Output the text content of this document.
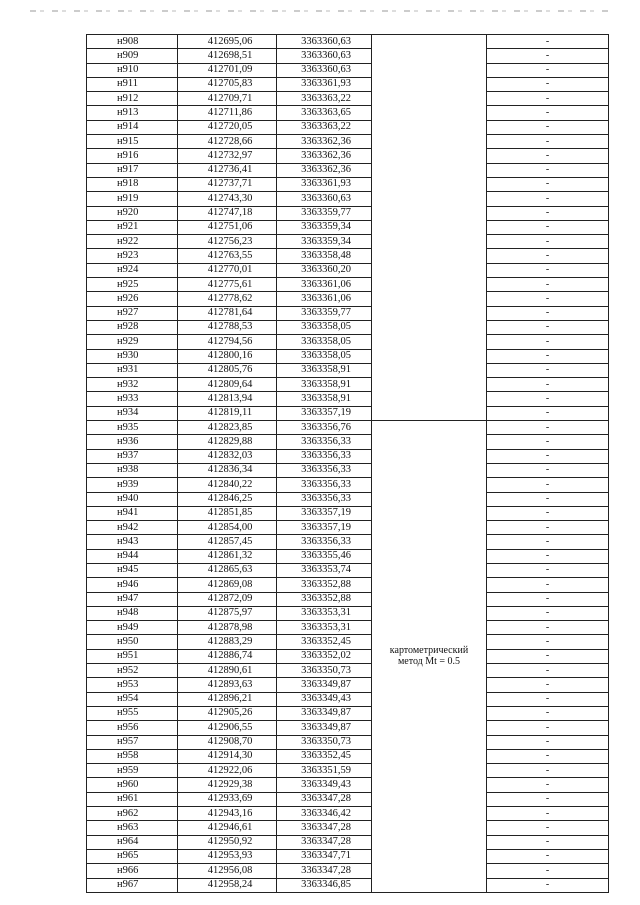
н908	412695,06	3363360,63		-
н909	412698,51	3363360,63		-
н910	412701,09	3363360,63		-
н911	412705,83	3363361,93		-
н912	412709,71	3363363,22		-
н913	412711,86	3363363,65		-
н914	412720,05	3363363,22		-
н915	412728,66	3363362,36		-
н916	412732,97	3363362,36		-
н917	412736,41	3363362,36		-
н918	412737,71	3363361,93		-
н919	412743,30	3363360,63		-
н920	412747,18	3363359,77		-
н921	412751,06	3363359,34		-
н922	412756,23	3363359,34		-
н923	412763,55	3363358,48		-
н924	412770,01	3363360,20		-
н925	412775,61	3363361,06		-
н926	412778,62	3363361,06		-
н927	412781,64	3363359,77		-
н928	412788,53	3363358,05		-
н929	412794,56	3363358,05		-
н930	412800,16	3363358,05		-
н931	412805,76	3363358,91		-
н932	412809,64	3363358,91		-
н933	412813,94	3363358,91		-
н934	412819,11	3363357,19		-
н935	412823,85	3363356,76	картометрический
метод Mt = 0.5	-
н936	412829,88	3363356,33		-
н937	412832,03	3363356,33		-
н938	412836,34	3363356,33		-
н939	412840,22	3363356,33		-
н940	412846,25	3363356,33		-
н941	412851,85	3363357,19		-
н942	412854,00	3363357,19		-
н943	412857,45	3363356,33		-
н944	412861,32	3363355,46		-
н945	412865,63	3363353,74		-
н946	412869,08	3363352,88		-
н947	412872,09	3363352,88		-
н948	412875,97	3363353,31		-
н949	412878,98	3363353,31		-
н950	412883,29	3363352,45		-
н951	412886,74	3363352,02		-
н952	412890,61	3363350,73		-
н953	412893,63	3363349,87		-
н954	412896,21	3363349,43		-
н955	412905,26	3363349,87		-
н956	412906,55	3363349,87		-
н957	412908,70	3363350,73		-
н958	412914,30	3363352,45		-
н959	412922,06	3363351,59		-
н960	412929,38	3363349,43		-
н961	412933,69	3363347,28		-
н962	412943,16	3363346,42		-
н963	412946,61	3363347,28		-
н964	412950,92	3363347,28		-
н965	412953,93	3363347,71		-
н966	412956,08	3363347,28		-
н967	412958,24	3363346,85		-
